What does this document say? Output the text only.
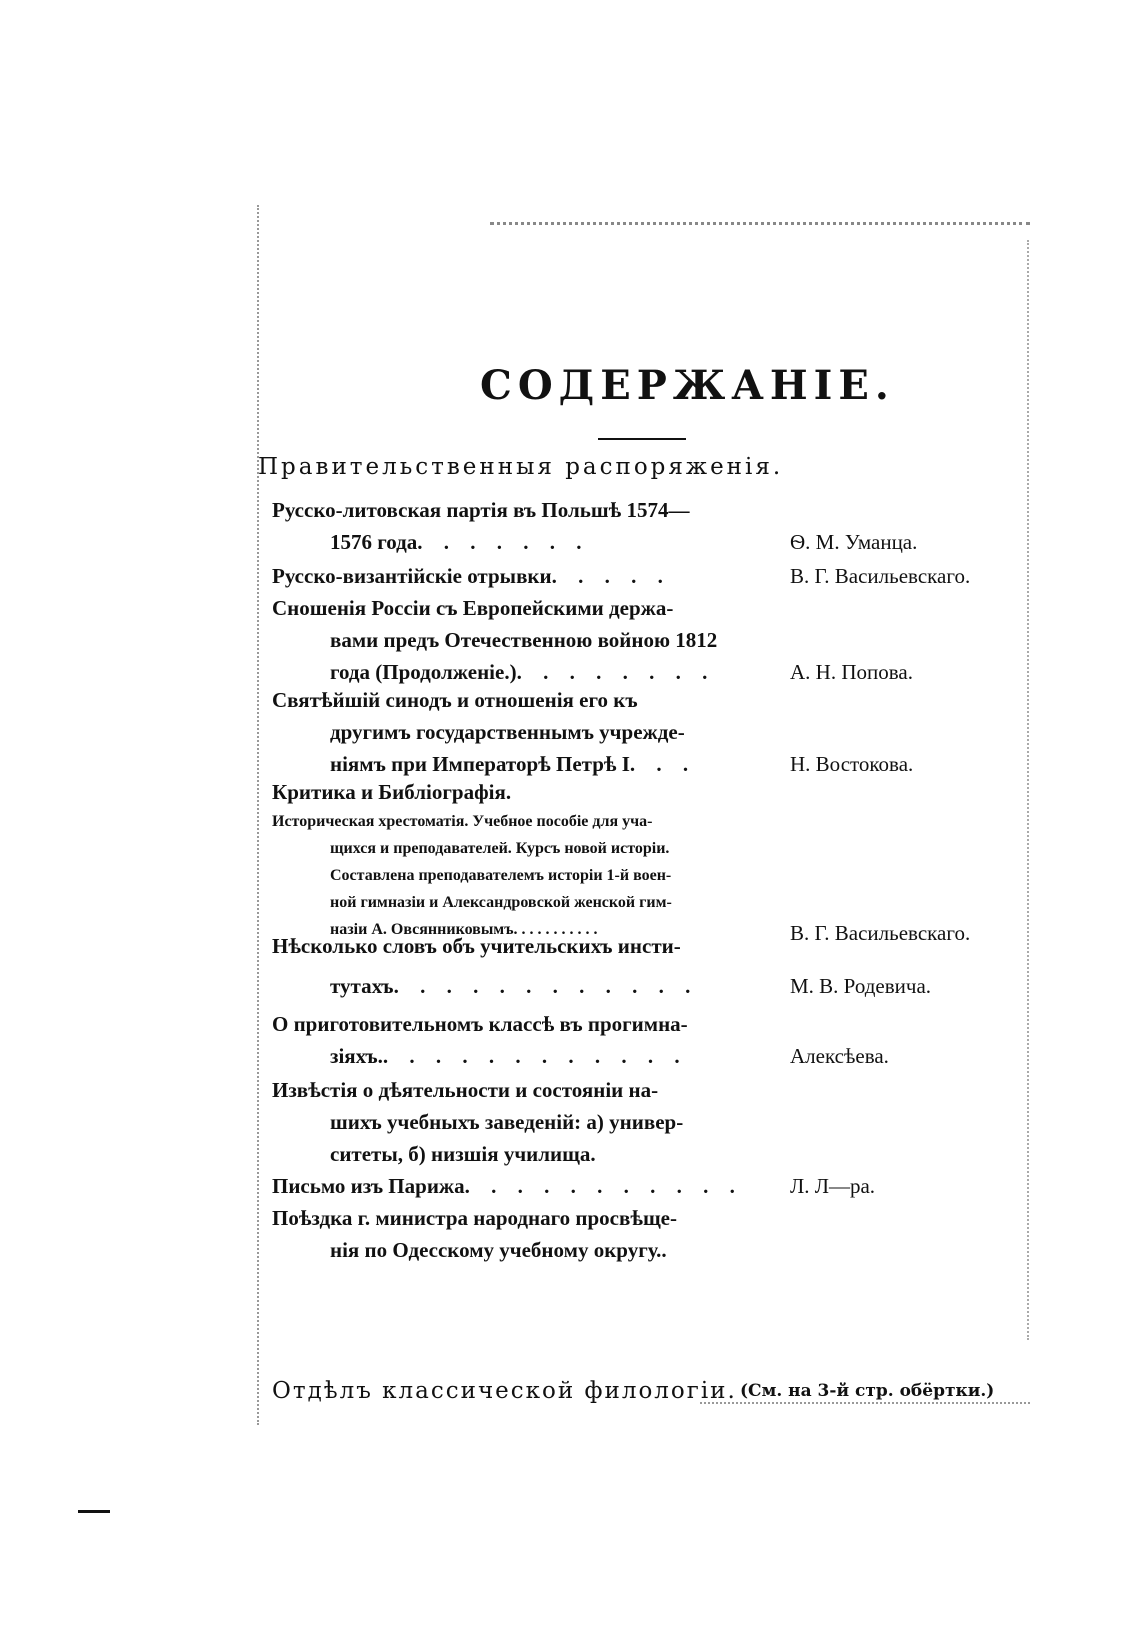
СОДЕРЖАНІЕ.
Правительственныя распоряженія.
Русско-литовская партія въ Польшѣ 1574—
1576 года. . . . . . .	Ѳ. М. Уманца.
Русско-византійскіе отрывки. . . . .	В. Г. Васильевскаго.
Сношенія Россіи съ Европейскими держа-
вами предъ Отечественною войною 1812
года (Продолженіе.). . . . . . . .	А. Н. Попова.
Святѣйшій синодъ и отношенія его къ
другимъ государственнымъ учрежде-
ніямъ при Императорѣ Петрѣ I. . .	Н. Востокова.
Критика и Библіографія.
Историческая хрестоматія. Учебное пособіе для уча-
щихся и преподавателей. Курсъ новой исторіи.
Составлена преподавателемъ исторіи 1-й воен-
ной гимназіи и Александровской женской гим-
назіи А. Овсянниковымъ. . . . . . . . . . .	В. Г. Васильевскаго.
Нѣсколько словъ объ учительскихъ инсти-
тутахъ. . . . . . . . . . . .	М. В. Родевича.
О приготовительномъ классѣ въ прогимна-
зіяхъ.. . . . . . . . . . . .	Алексѣева.
Извѣстія о дѣятельности и состояніи на-
шихъ учебныхъ заведеній: а) универ-
ситеты, б) низшія училища.
Письмо изъ Парижа. . . . . . . . . . . Л. Л—ра.
Поѣздка г. министра народнаго просвѣще-
нія по Одесскому учебному округу..
Отдѣлъ классической филологіи. (См. на 3-й стр. обёртки.)
